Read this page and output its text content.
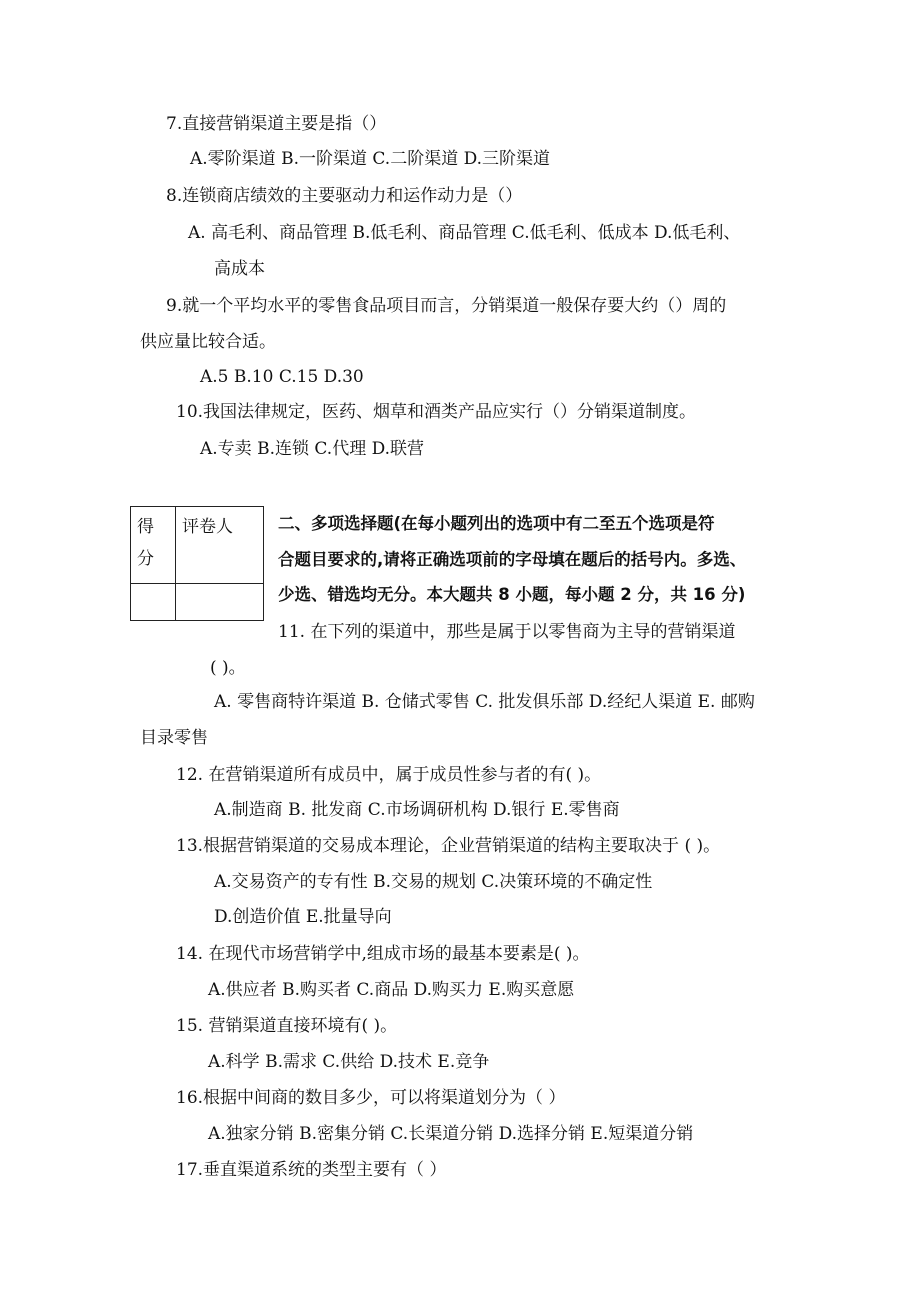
7.直接营销渠道主要是指（）
A.零阶渠道 B.一阶渠道 C.二阶渠道 D.三阶渠道
8.连锁商店绩效的主要驱动力和运作动力是（）
A. 高毛利、商品管理 B.低毛利、商品管理 C.低毛利、低成本 D.低毛利、
高成本
9.就一个平均水平的零售食品项目而言，分销渠道一般保存要大约（）周的
供应量比较合适。
A.5 B.10 C.15 D.30
10.我国法律规定，医药、烟草和酒类产品应实行（）分销渠道制度。
A.专卖 B.连锁 C.代理 D.联营
得分	评卷人
		二、多项选择题(在每小题列出的选项中有二至五个选项是符
合题目要求的,请将正确选项前的字母填在题后的括号内。多选、
少选、错选均无分。本大题共 8 小题，每小题 2 分，共 16 分)
11. 在下列的渠道中，那些是属于以零售商为主导的营销渠道
( )。
A. 零售商特许渠道 B. 仓储式零售 C. 批发俱乐部 D.经纪人渠道 E. 邮购
目录零售
12. 在营销渠道所有成员中，属于成员性参与者的有( )。
A.制造商 B. 批发商 C.市场调研机构 D.银行 E.零售商
13.根据营销渠道的交易成本理论，企业营销渠道的结构主要取决于 ( )。
A.交易资产的专有性 B.交易的规划 C.决策环境的不确定性
D.创造价值 E.批量导向
14. 在现代市场营销学中,组成市场的最基本要素是( )。
A.供应者 B.购买者 C.商品 D.购买力 E.购买意愿
15. 营销渠道直接环境有( )。
A.科学 B.需求 C.供给 D.技术 E.竞争
16.根据中间商的数目多少，可以将渠道划分为（ ）
A.独家分销 B.密集分销 C.长渠道分销 D.选择分销 E.短渠道分销
17.垂直渠道系统的类型主要有（ ）
